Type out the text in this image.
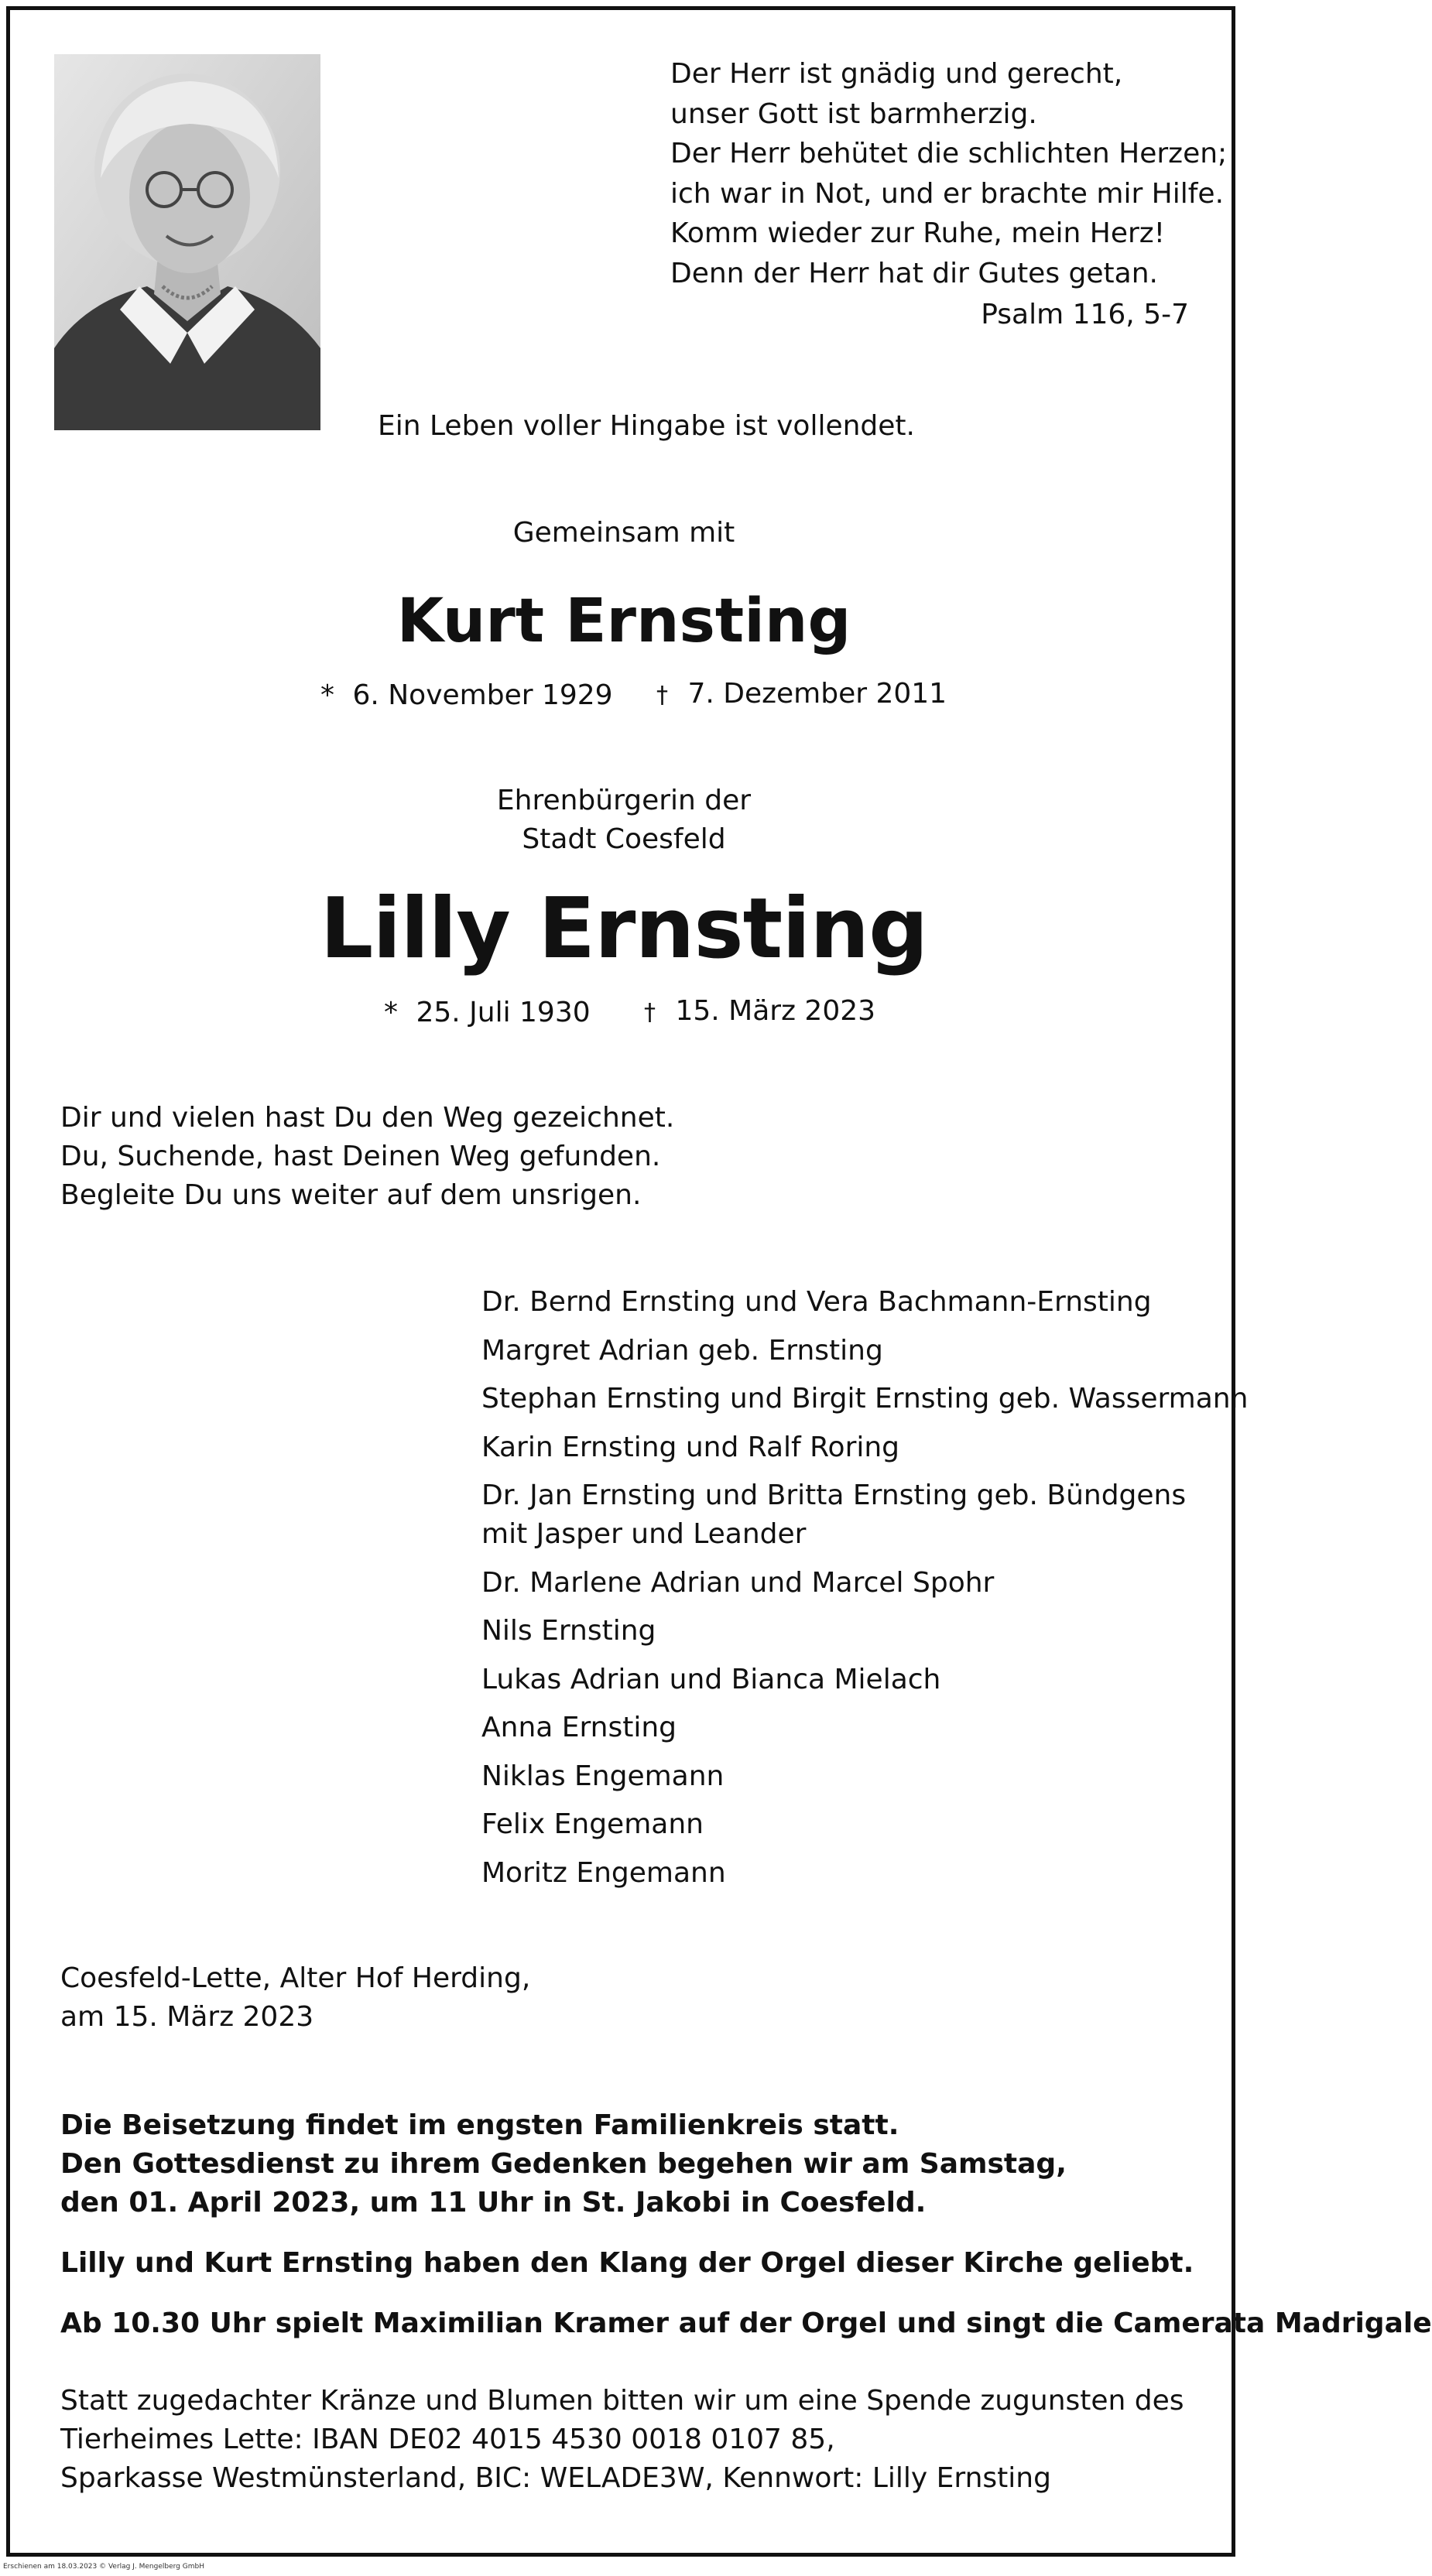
Der Herr ist gnädig und gerecht,
unser Gott ist barmherzig.
Der Herr behütet die schlichten Herzen;
ich war in Not, und er brachte mir Hilfe.
Komm wieder zur Ruhe, mein Herz!
Denn der Herr hat dir Gutes getan.
Psalm 116, 5-7
Ein Leben voller Hingabe ist vollendet.
Gemeinsam mit
Kurt Ernsting
* 6. November 1929 † 7. Dezember 2011
Ehrenbürgerin der
Stadt Coesfeld
Lilly Ernsting
* 25. Juli 1930 † 15. März 2023
Dir und vielen hast Du den Weg gezeichnet.
Du, Suchende, hast Deinen Weg gefunden.
Begleite Du uns weiter auf dem unsrigen.
Dr. Bernd Ernsting und Vera Bachmann-Ernsting
Margret Adrian geb. Ernsting
Stephan Ernsting und Birgit Ernsting geb. Wassermann
Karin Ernsting und Ralf Roring
Dr. Jan Ernsting und Britta Ernsting geb. Bündgens
mit Jasper und Leander
Dr. Marlene Adrian und Marcel Spohr
Nils Ernsting
Lukas Adrian und Bianca Mielach
Anna Ernsting
Niklas Engemann
Felix Engemann
Moritz Engemann
Coesfeld-Lette, Alter Hof Herding,
am 15. März 2023
Die Beisetzung findet im engsten Familienkreis statt.
Den Gottesdienst zu ihrem Gedenken begehen wir am Samstag,
den 01. April 2023, um 11 Uhr in St. Jakobi in Coesfeld.
Lilly und Kurt Ernsting haben den Klang der Orgel dieser Kirche geliebt.
Ab 10.30 Uhr spielt Maximilian Kramer auf der Orgel und singt die Camerata Madrigale
Statt zugedachter Kränze und Blumen bitten wir um eine Spende zugunsten des
Tierheimes Lette: IBAN DE02 4015 4530 0018 0107 85,
Sparkasse Westmünsterland, BIC: WELADE3W, Kennwort: Lilly Ernsting
Erschienen am 18.03.2023 © Verlag J. Mengelberg GmbH
